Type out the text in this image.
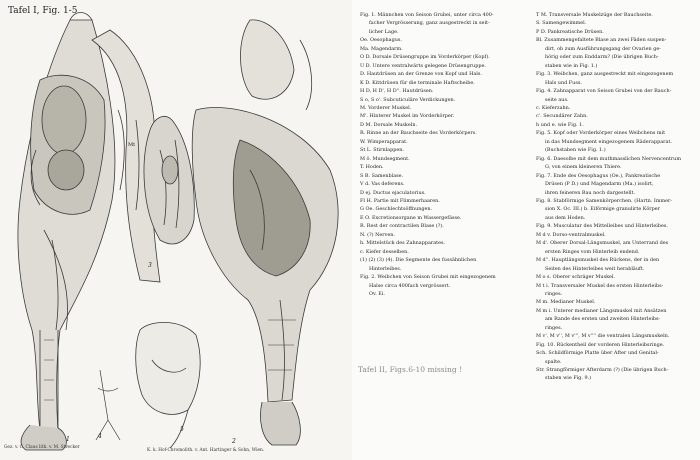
Tafel I, Fig. 1-5
Mt
1	2
3
4
5
Gez. v. C. Claus lith. v. M. Strecker
K. k. Hof-Chromolith. v. Ant. Hartinger & Sohn, Wien.
Fig. 1. Männchen von Seison Grubei, unter circa 400-
facher Vergrösserung, ganz ausgestreckt in seit-
licher Lage.
Oe. Oesophagus.
Ma. Magendarm.
O D. Dorsale Drüsengruppe im Vorderkörper (Kopf).
U D. Untere ventralwärts gelegene Drüsengruppe.
D. Hautdrüsen an der Grenze von Kopf und Hals.
K D. Kittdrüsen für die terminale Haftscheibe.
H D, H D', H D''. Hautdrüsen.
S o, S o'. Subcuticuläre Verdickungen.
M. Vorderer Muskel.
M'. Hinterer Muskel im Vorderkörper.
D M. Dorsale Muskeln.
R. Rinne an der Bauchseite des Vorderkörpers.
W. Wimperapparat.
St L. Stirnlappen.
M ö. Mundsegment.
T. Hoden.
S B. Samenblase.
V d. Vas deferens.
D ej. Ductus ejaculatorius.
Fl H. Partie mit Flimmerhaaren.
G Oe. Geschlechtsöffnungen.
E O. Excretionsorgane m Wassergefässe.
R. Rest der contractilen Blase (?).
N. (?) Nerven.
h. Mittelstück des Zahnapparates.
c. Kiefer desselben.
(1) (2) (3) (4). Die Segmente des fussähnlichen
Hinterleibes.
Fig. 2. Weibchen von Seison Grubei mit eingezogenem
Halse circa 400fach vergrössert.
Ov. Ei.
T M. Transversale Muskelzüge der Bauchseite.
S. Samengewimmel.
P D. Pankreatische Drüsen.
Bl. Zusammengefaltete Blase an zwei Fäden suspen-
dirt, ob zum Ausführungsgang der Ovarien ge-
hörig oder zum Enddarm? (Die übrigen Buch-
staben wie in Fig. 1.)
Fig. 3. Weibchen, ganz ausgestreckt mit eingezogenem
Hals und Fuss.
Fig. 4. Zahnapparat von Seison Grubei von der Bauch-
seite aus.
c. Kieferzahn.
c'. Secundärer Zahn.
h und e. wie Fig. 1.
Fig. 5. Kopf oder Vorderkörper eines Weibchens mit
in das Mundsegment eingezogenem Räderapparat.
(Buchstaben wie Fig. 1.)
Fig. 6. Daesolbe mit dem muthmasslichen Nervencentrum
G, von einem kleineren Thiere.
Fig. 7. Ende des Oesophagus (Oe.), Pankreatische
Drüsen (P D.) und Magendarm (Ma.) isolirt,
ihren feineren Bau noch dargestellt.
Fig. 8. Stabförmige Samenkörperchen. (Hartn. Immer-
sion X. Oc. III.) b. Eiförmige granulirte Körper
aus dem Hoden.
Fig. 9. Musculatur des Mittelleibes und Hinterleibes.
M d v. Dorso-ventralmuskel.
M d'. Oberer Dorsal-Längsmuskel, am Unterrand des
ersten Ringes vom Hinterleib endend.
M d''. Hauptlängsmuskel des Rückens, der in den
Seiten des Hinterleibes weit herabläuft.
M o s. Oberer schräger Muskel.
M t i. Transversaler Muskel des ersten Hinterleibs-
ringes.
M m. Medianer Muskel.
M m i. Unterer medianer Längsmuskel mit Ansätzen
am Rande des ersten und zweiten Hinterleibs-
ringes.
M v', M v'', M v''', M v'''' die ventralen Längsmuskeln.
Fig. 10. Rückentheil der vorderen Hinterleibsringe.
Sch. Schildförmige Platte über After und Genital-
spalte.
Str. Strangförmiger Afterdarm (?) (Die übrigen Buch-
staben wie Fig. 9.)
Tafel II, Figs.6-10 missing !
